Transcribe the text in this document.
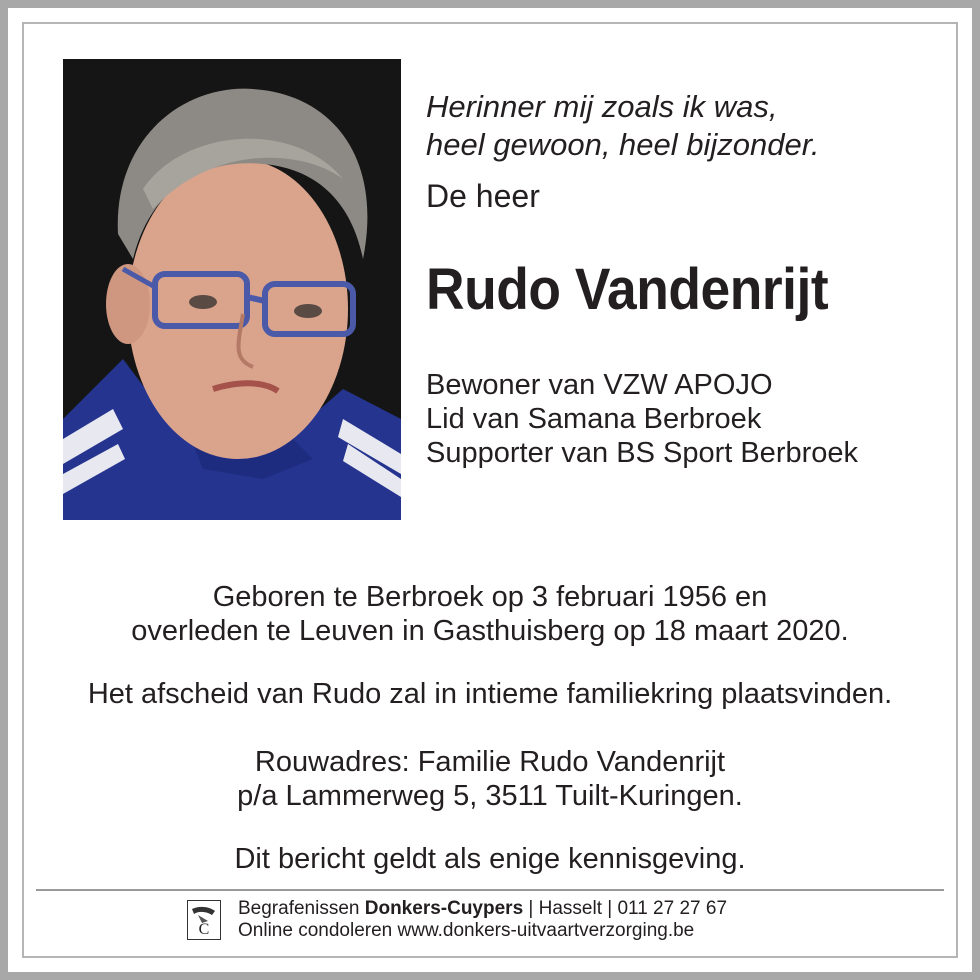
Herinner mij zoals ik was,
heel gewoon, heel bijzonder.
De heer
Rudo Vandenrijt
Bewoner van VZW APOJO
Lid van Samana Berbroek
Supporter van BS Sport Berbroek
Geboren te Berbroek op 3 februari 1956 en
overleden te Leuven in Gasthuisberg op 18 maart 2020.
Het afscheid van Rudo zal in intieme familiekring plaatsvinden.
Rouwadres: Familie Rudo Vandenrijt
p/a Lammerweg 5, 3511 Tuilt-Kuringen.
Dit bericht geldt als enige kennisgeving.
C
Begrafenissen Donkers-Cuypers | Hasselt | 011 27 27 67
Online condoleren www.donkers-uitvaartverzorging.be
